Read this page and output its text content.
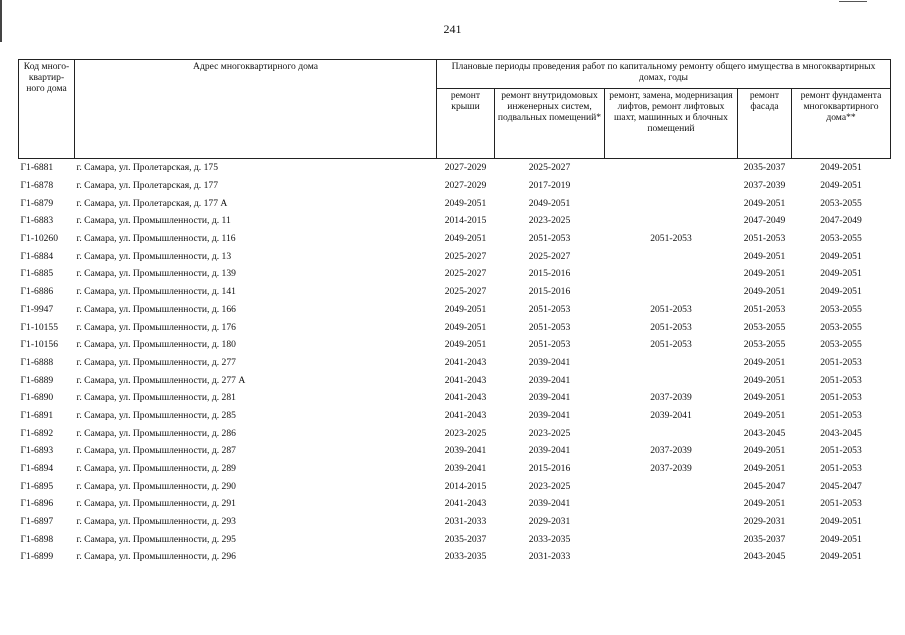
241
Код много-квартир-ного дома	Адрес многоквартирного дома	Плановые периоды проведения работ по капитальному ремонту общего имущества в многоквартирных домах, годы				
		ремонт крыши	ремонт внутридомовых инженерных систем, подвальных помещений*	ремонт, замена, модернизация лифтов, ремонт лифтовых шахт, машинных и блочных помещений	ремонт фасада	ремонт фундамента многоквартирного дома**
Г1-6881	г. Самара, ул. Пролетарская, д. 175	2027-2029	2025-2027		2035-2037	2049-2051
Г1-6878	г. Самара, ул. Пролетарская, д. 177	2027-2029	2017-2019		2037-2039	2049-2051
Г1-6879	г. Самара, ул. Пролетарская, д. 177 А	2049-2051	2049-2051		2049-2051	2053-2055
Г1-6883	г. Самара, ул. Промышленности, д. 11	2014-2015	2023-2025		2047-2049	2047-2049
Г1-10260	г. Самара, ул. Промышленности, д. 116	2049-2051	2051-2053	2051-2053	2051-2053	2053-2055
Г1-6884	г. Самара, ул. Промышленности, д. 13	2025-2027	2025-2027		2049-2051	2049-2051
Г1-6885	г. Самара, ул. Промышленности, д. 139	2025-2027	2015-2016		2049-2051	2049-2051
Г1-6886	г. Самара, ул. Промышленности, д. 141	2025-2027	2015-2016		2049-2051	2049-2051
Г1-9947	г. Самара, ул. Промышленности, д. 166	2049-2051	2051-2053	2051-2053	2051-2053	2053-2055
Г1-10155	г. Самара, ул. Промышленности, д. 176	2049-2051	2051-2053	2051-2053	2053-2055	2053-2055
Г1-10156	г. Самара, ул. Промышленности, д. 180	2049-2051	2051-2053	2051-2053	2053-2055	2053-2055
Г1-6888	г. Самара, ул. Промышленности, д. 277	2041-2043	2039-2041		2049-2051	2051-2053
Г1-6889	г. Самара, ул. Промышленности, д. 277 А	2041-2043	2039-2041		2049-2051	2051-2053
Г1-6890	г. Самара, ул. Промышленности, д. 281	2041-2043	2039-2041	2037-2039	2049-2051	2051-2053
Г1-6891	г. Самара, ул. Промышленности, д. 285	2041-2043	2039-2041	2039-2041	2049-2051	2051-2053
Г1-6892	г. Самара, ул. Промышленности, д. 286	2023-2025	2023-2025		2043-2045	2043-2045
Г1-6893	г. Самара, ул. Промышленности, д. 287	2039-2041	2039-2041	2037-2039	2049-2051	2051-2053
Г1-6894	г. Самара, ул. Промышленности, д. 289	2039-2041	2015-2016	2037-2039	2049-2051	2051-2053
Г1-6895	г. Самара, ул. Промышленности, д. 290	2014-2015	2023-2025		2045-2047	2045-2047
Г1-6896	г. Самара, ул. Промышленности, д. 291	2041-2043	2039-2041		2049-2051	2051-2053
Г1-6897	г. Самара, ул. Промышленности, д. 293	2031-2033	2029-2031		2029-2031	2049-2051
Г1-6898	г. Самара, ул. Промышленности, д. 295	2035-2037	2033-2035		2035-2037	2049-2051
Г1-6899	г. Самара, ул. Промышленности, д. 296	2033-2035	2031-2033		2043-2045	2049-2051
